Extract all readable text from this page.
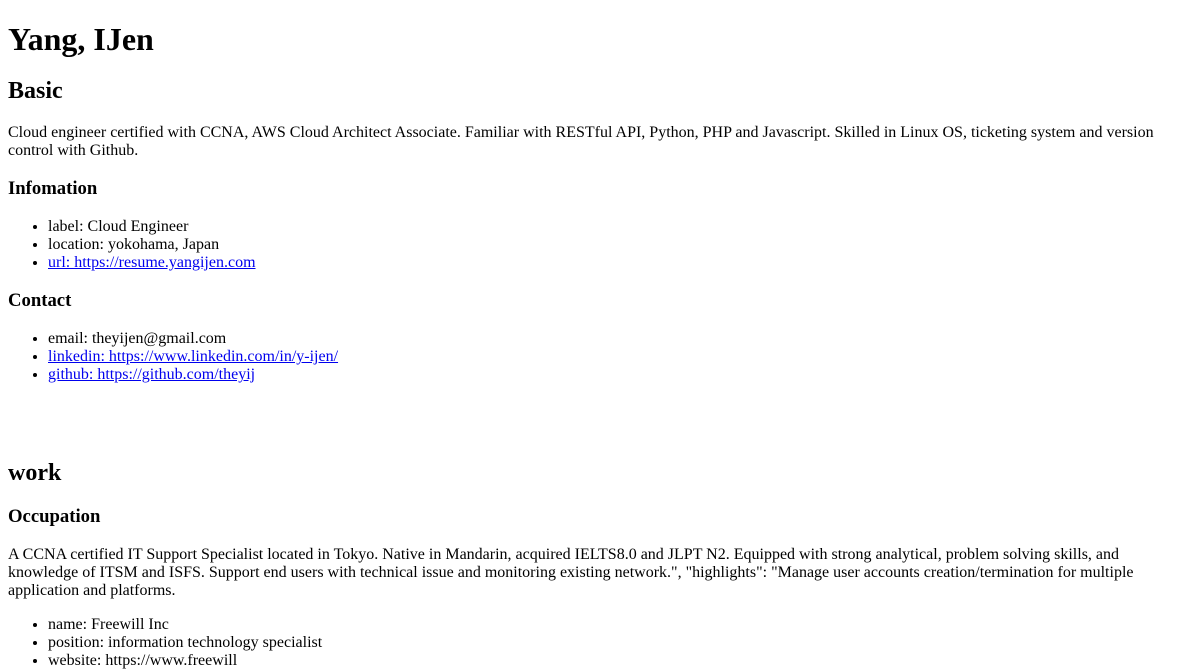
Yang, IJen
Basic

Cloud engineer certified with CCNA, AWS Cloud Architect Associate. Familiar with RESTful API, Python, PHP and Javascript. Skilled in Linux OS, ticketing system and version control with Github.

Infomation
• label: Cloud Engineer
• location: yokohama, Japan
• url: https://resume.yangijen.com
Contact
• email: theyijen@gmail.com
• linkedin: https://www.linkedin.com/in/y-ijen/
• github: https://github.com/theyij
work
Occupation

A CCNA certified IT Support Specialist located in Tokyo. Native in Mandarin, acquired IELTS8.0 and JLPT N2. Equipped with strong analytical, problem solving skills, and knowledge of ITSM and ISFS. Support end users with technical issue and monitoring existing network.", "highlights": "Manage user accounts creation/termination for multiple application and platforms.

• name: Freewill Inc
• position: information technology specialist
• website: https://www.freewill
